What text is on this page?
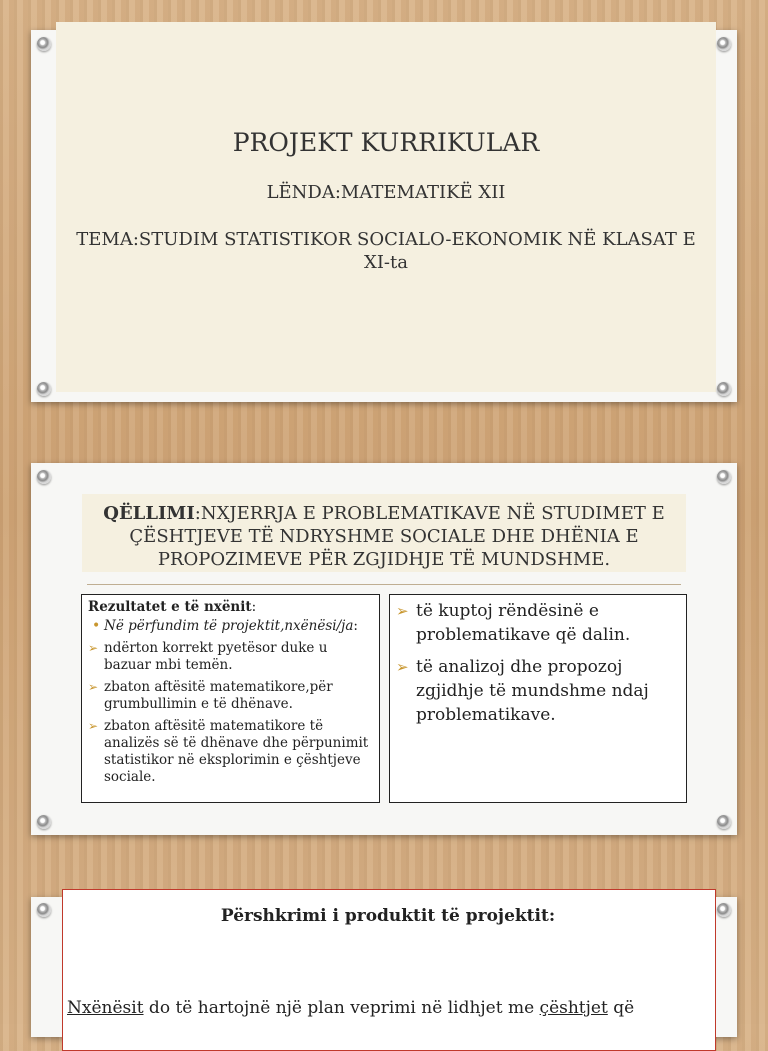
PROJEKT KURRIKULAR
LËNDA:MATEMATIKË XII
TEMA:STUDIM STATISTIKOR SOCIALO-EKONOMIK NË KLASAT E XI-ta
QËLLIMI:NXJERRJA E PROBLEMATIKAVE NË STUDIMET E ÇËSHTJEVE TË NDRYSHME SOCIALE DHE DHËNIA E PROPOZIMEVE PËR ZGJIDHJE TË MUNDSHME.
Rezultatet e të nxënit:
• Në përfundim të projektit,nxënësi/ja:
➢ ndërton korrekt pyetësor duke u bazuar mbi temën.
➢ zbaton aftësitë matematikore,për grumbullimin e të dhënave.
➢ zbaton aftësitë matematikore të analizës së të dhënave dhe përpunimit statistikor në eksplorimin e çështjeve sociale.
➢ të kuptoj rëndësinë e problematikave që dalin.
➢ të analizoj dhe propozoj zgjidhje të mundshme ndaj problematikave.
Përshkrimi i produktit të projektit:
Nxënësit do të hartojnë një plan veprimi në lidhjet me çështjet që
